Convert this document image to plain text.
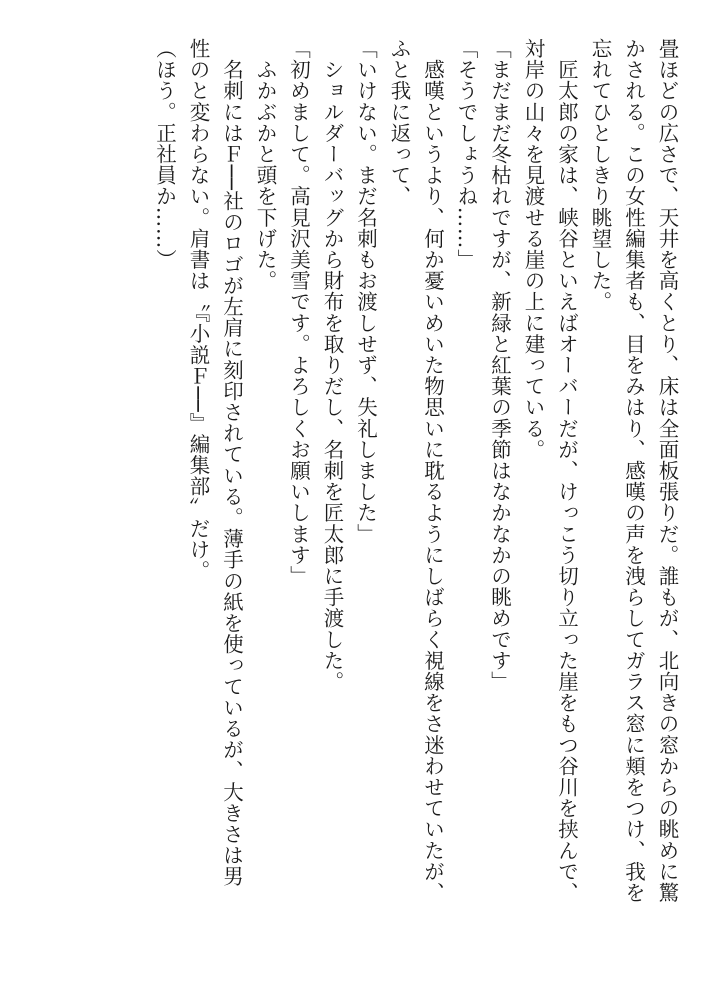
畳ほどの広さで、天井を高くとり、床は全面板張りだ。誰もが、北向きの窓からの眺めに驚

かされる。この女性編集者も、目をみはり、感嘆の声を洩らしてガラス窓に頬をつけ、我を

忘れてひとしきり眺望した。

　匠太郎の家は、峡谷といえばオーバーだが、けっこう切り立った崖をもつ谷川を挟んで、

対岸の山々を見渡せる崖の上に建っている。

「まだまだ冬枯れですが、新緑と紅葉の季節はなかなかの眺めです」

「そうでしょうね……」

　感嘆というより、何か憂いめいた物思いに耽るようにしばらく視線をさ迷わせていたが、

ふと我に返って、

「いけない。まだ名刺もお渡しせず、失礼しました」

　ショルダーバッグから財布を取りだし、名刺を匠太郎に手渡した。

「初めまして。高見沢美雪です。よろしくお願いします」

　ふかぶかと頭を下げた。

　名刺にはＦ──社のロゴが左肩に刻印されている。薄手の紙を使っているが、大きさは男

性のと変わらない。肩書は〝『小説Ｆ──』編集部〟だけ。

（ほう。正社員か……）
